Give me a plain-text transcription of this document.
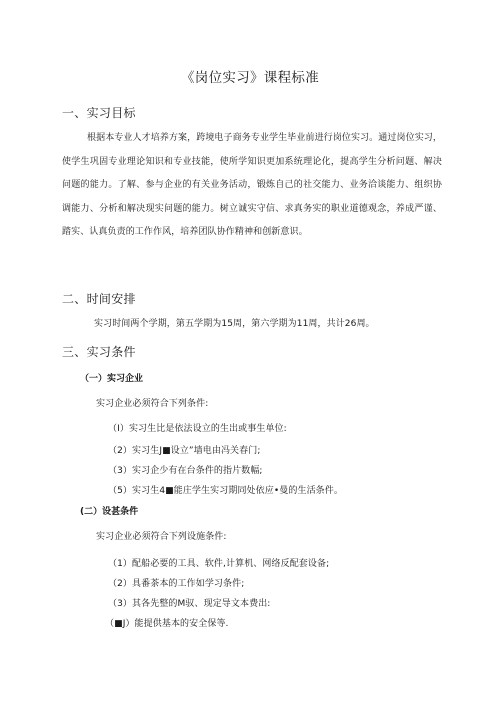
《岗位实习》课程标准
一、实习目标
根据本专业人才培养方案，跨境电子商务专业学生毕业前进行岗位实习。通过岗位实习，使学生巩固专业理论知识和专业技能，使所学知识更加系统理论化，提高学生分析问题、解决问题的能力。了解、参与企业的有关业务活动，锻炼自己的社交能力、业务洽谈能力、组织协调能力、分析和解决现实问题的能力。树立诚实守信、求真务实的职业道德观念，养成严谨、踏实、认真负责的工作作风，培养团队协作精神和创新意识。
二、时间安排
实习时间两个学期，第五学期为15周，第六学期为11周，共计26周。
三、实习条件
（一）实习企业
实习企业必须符合下列条件:
（I）实习生比是依法设立的生出或事生单位:
（2）实习生J■设立”墙电由冯关春门;
（3）实习企少有在台条件的指片数幅;
（5）实习生4■能庄学生实习期同处依应•曼的生活条件。
(二）设甚条件
实习企业必须符合下列设施条件:
（1）配船必要的工具、软件,计算机、网络反配套设备;
（2）具番茶本的工作如学习条件;
（3）其各先整的M驭、现定导文本费出:
（■J）能提供基本的安全保等.
